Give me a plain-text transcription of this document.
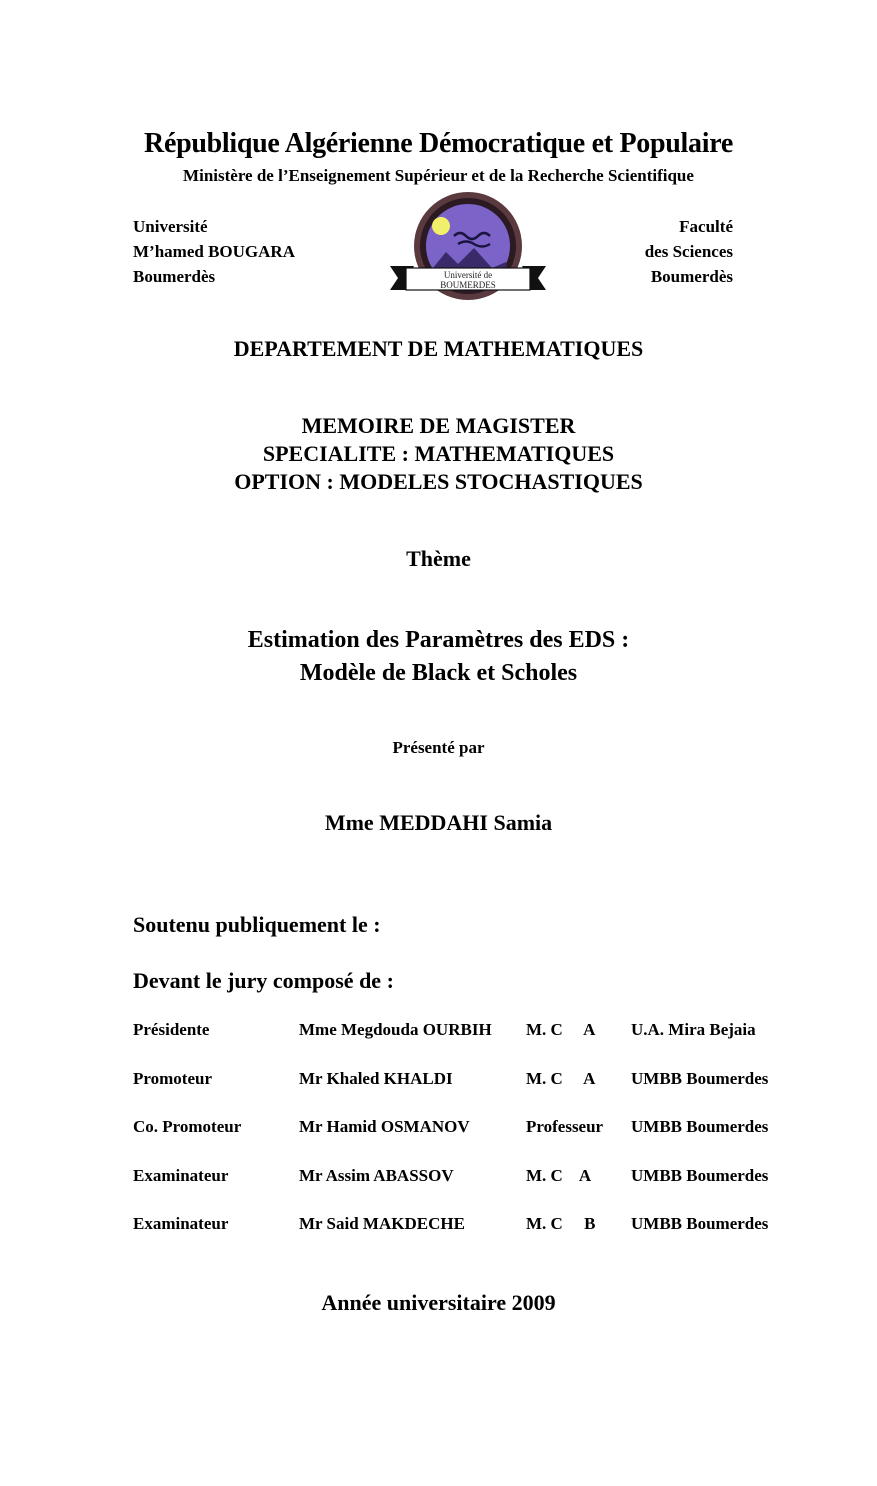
République Algérienne Démocratique et Populaire
Ministère de l’Enseignement Supérieur et de la Recherche Scientifique
Université
M’hamed BOUGARA
Boumerdès
Faculté
des Sciences
Boumerdès
Université de
BOUMERDES
DEPARTEMENT DE MATHEMATIQUES
MEMOIRE DE MAGISTER
SPECIALITE : MATHEMATIQUES
OPTION : MODELES STOCHASTIQUES
Thème
Estimation des Paramètres des EDS :
Modèle de Black et Scholes
Présenté par
Mme MEDDAHI Samia
Soutenu publiquement le :
Devant le jury composé de :
Présidente	Mme Megdouda OURBIH M. C     A U.A. Mira Bejaia
Promoteur	Mr Khaled KHALDI	M. C     A UMBB Boumerdes
Co. Promoteur	Mr Hamid OSMANOV	Professeur UMBB Boumerdes
Examinateur	Mr Assim ABASSOV	M. C    A UMBB Boumerdes
Examinateur	Mr Said MAKDECHE	M. C     B UMBB Boumerdes
Année universitaire 2009
